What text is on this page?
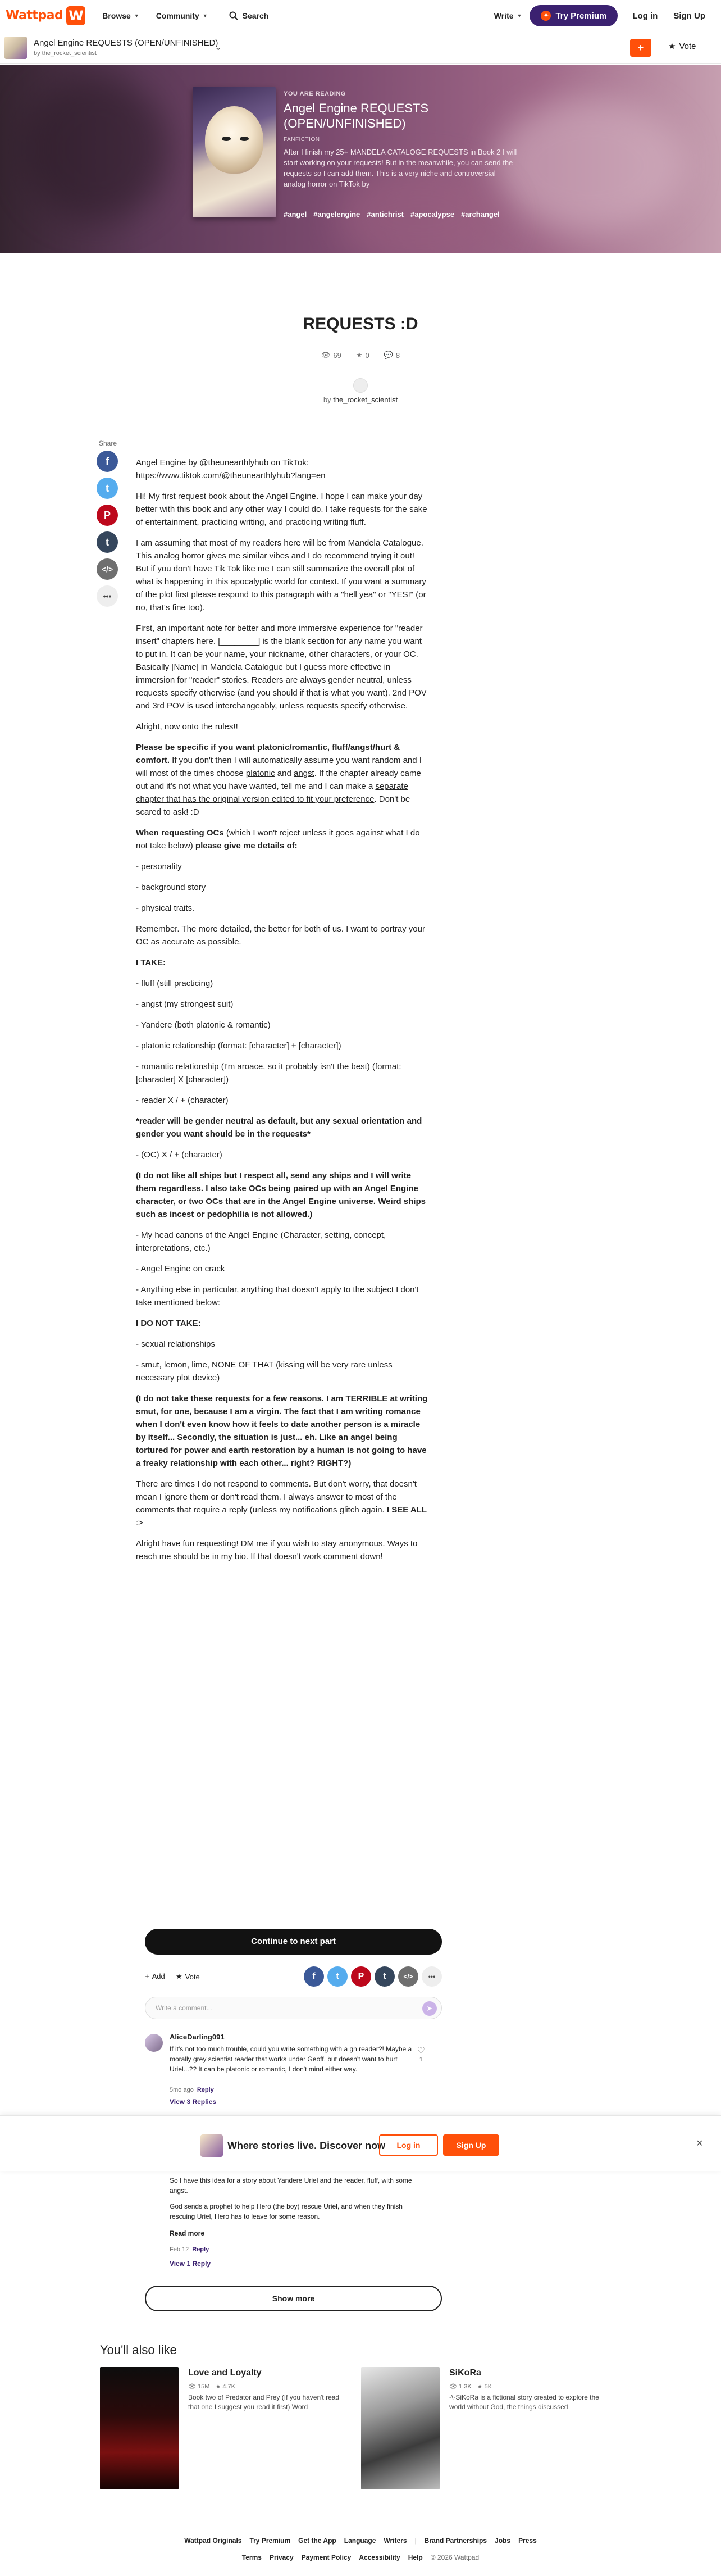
Wattpad W Browse ▼ Community ▼	Search	Write ▼	✦ Try Premium	Log in Sign Up
Angel Engine REQUESTS (OPEN/UNFINISHED)
by the_rocket_scientist
⌄	+	★ Vote
YOU ARE READING
Angel Engine REQUESTS (OPEN/UNFINISHED)
FANFICTION
After I finish my 25+ MANDELA CATALOGE REQUESTS in Book 2 I will start working on your requests! But in the meanwhile, you can send the requests so I can add them. This is a very niche and controversial analog horror on TikTok by
#angel #angelengine #antichrist #apocalypse #archangel
REQUESTS :D
👁 69 ★ 0 💬 8
by the_rocket_scientist
Share
f
t
P
t
</>
•••

Angel Engine by @theunearthlyhub on TikTok: https://www.tiktok.com/@theunearthlyhub?lang=en

Hi! My first request book about the Angel Engine. I hope I can make your day better with this book and any other way I could do. I take requests for the sake of entertainment, practicing writing, and practicing writing fluff.

I am assuming that most of my readers here will be from Mandela Catalogue. This analog horror gives me similar vibes and I do recommend trying it out! But if you don't have Tik Tok like me I can still summarize the overall plot of what is happening in this apocalyptic world for context. If you want a summary of the plot first please respond to this paragraph with a "hell yea" or "YES!" (or no, that's fine too).

First, an important note for better and more immersive experience for "reader insert" chapters here. [________] is the blank section for any name you want to put in. It can be your name, your nickname, other characters, or your OC. Basically [Name] in Mandela Catalogue but I guess more effective in immersion for "reader" stories. Readers are always gender neutral, unless requests specify otherwise (and you should if that is what you want). 2nd POV and 3rd POV is used interchangeably, unless requests specify otherwise.

Alright, now onto the rules!!

Please be specific if you want platonic/romantic, fluff/angst/hurt & comfort. If you don't then I will automatically assume you want random and I will most of the times choose platonic and angst. If the chapter already came out and it's not what you have wanted, tell me and I can make a separate chapter that has the original version edited to fit your preference. Don't be scared to ask! :D

When requesting OCs (which I won't reject unless it goes against what I do not take below) please give me details of:

- personality

- background story

- physical traits.

Remember. The more detailed, the better for both of us. I want to portray your OC as accurate as possible.

I TAKE:

- fluff (still practicing)

- angst (my strongest suit)

- Yandere (both platonic & romantic)

- platonic relationship (format: [character] + [character])

- romantic relationship (I'm aroace, so it probably isn't the best) (format: [character] X [character])

- reader X / + (character)

*reader will be gender neutral as default, but any sexual orientation and gender you want should be in the requests*

- (OC) X / + (character)

(I do not like all ships but I respect all, send any ships and I will write them regardless. I also take OCs being paired up with an Angel Engine character, or two OCs that are in the Angel Engine universe. Weird ships such as incest or pedophilia is not allowed.)

- My head canons of the Angel Engine (Character, setting, concept, interpretations, etc.)

- Angel Engine on crack

- Anything else in particular, anything that doesn't apply to the subject I don't take mentioned below:

I DO NOT TAKE:

- sexual relationships

- smut, lemon, lime, NONE OF THAT (kissing will be very rare unless necessary plot device)

(I do not take these requests for a few reasons. I am TERRIBLE at writing smut, for one, because I am a virgin. The fact that I am writing romance when I don't even know how it feels to date another person is a miracle by itself... Secondly, the situation is just... eh. Like an angel being tortured for power and earth restoration by a human is not going to have a freaky relationship with each other... right? RIGHT?)

There are times I do not respond to comments. But don't worry, that doesn't mean I ignore them or don't read them. I always answer to most of the comments that require a reply (unless my notifications glitch again. I SEE ALL :>

Alright have fun requesting! DM me if you wish to stay anonymous. Ways to reach me should be in my bio. If that doesn't work comment down!

Continue to next part
+ Add ★ Vote	f	t	P	t	</>	•••
Write a comment...	➤
AliceDarling091
If it's not too much trouble, could you write something with a gn reader?! Maybe a morally grey scientist reader that works under Geoff, but doesn't want to hurt Uriel...?? It can be platonic or romantic, I don't mind either way.
5mo ago Reply
View 3 Replies
♡
1
Where stories live. Discover now	Log in	Sign Up	×
So I have this idea for a story about Yandere Uriel and the reader, fluff, with some angst.
God sends a prophet to help Hero (the boy) rescue Uriel, and when they finish rescuing Uriel, Hero has to leave for some reason.
Read more
Feb 12 Reply
View 1 Reply
Show more
You'll also like
Love and Loyalty
👁 15M ★ 4.7K
Book two of Predator and Prey (If you haven't read that one I suggest you read it first) Word
SiKoRa
👁 1.3K ★ 5K
-\-SiKoRa is a fictional story created to explore the world without God, the things discussed
Wattpad Originals Try Premium Get the App Language Writers | Brand Partnerships Jobs Press
Terms Privacy Payment Policy Accessibility Help © 2026 Wattpad
